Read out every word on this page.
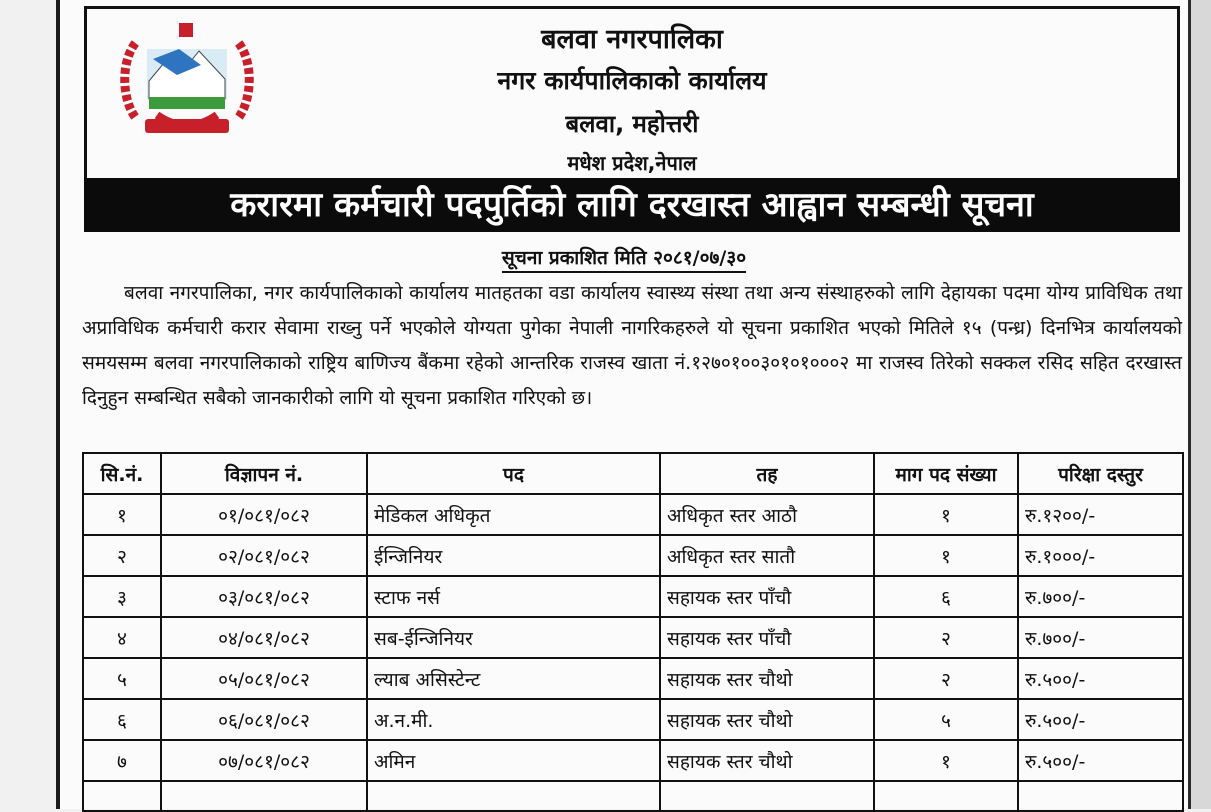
बलवा नगरपालिका
नगर कार्यपालिकाको कार्यालय
बलवा, महोत्तरी
मधेश प्रदेश,नेपाल
करारमा कर्मचारी पदपुर्तिको लागि दरखास्त आह्वान सम्बन्धी सूचना
सूचना प्रकाशित मिति २०८१/०७/३०

बलवा नगरपालिका, नगर कार्यपालिकाको कार्यालय मातहतका वडा कार्यालय स्वास्थ्य संस्था तथा अन्य संस्थाहरुको लागि देहायका पदमा योग्य प्राविधिक तथा अप्राविधिक कर्मचारी करार सेवामा राख्नु पर्ने भएकोले योग्यता पुगेका नेपाली नागरिकहरुले यो सूचना प्रकाशित भएको मितिले १५ (पन्ध्र) दिनभित्र कार्यालयको समयसम्म बलवा नगरपालिकाको राष्ट्रिय बाणिज्य बैंकमा रहेको आन्तरिक राजस्व खाता नं.१२७०१००३०१०१०००२ मा राजस्व तिरेको सक्कल रसिद सहित दरखास्त दिनुहुन सम्बन्धित सबैको जानकारीको लागि यो सूचना प्रकाशित गरिएको छ।

सि.नं.	विज्ञापन नं.	पद	तह	माग पद संख्या	परिक्षा दस्तुर
१	०१/०८१/०८२	मेडिकल अधिकृत	अधिकृत स्तर आठौ	१	रु.१२००/-
२	०२/०८१/०८२	ईन्जिनियर	अधिकृत स्तर सातौ	१	रु.१०००/-
३	०३/०८१/०८२	स्टाफ नर्स	सहायक स्तर पाँचौ	६	रु.७००/-
४	०४/०८१/०८२	सब-ईन्जिनियर	सहायक स्तर पाँचौ	२	रु.७००/-
५	०५/०८१/०८२	ल्याब असिस्टेन्ट	सहायक स्तर चौथो	२	रु.५००/-
६	०६/०८१/०८२	अ.न.मी.	सहायक स्तर चौथो	५	रु.५००/-
७	०७/०८१/०८२	अमिन	सहायक स्तर चौथो	१	रु.५००/-
